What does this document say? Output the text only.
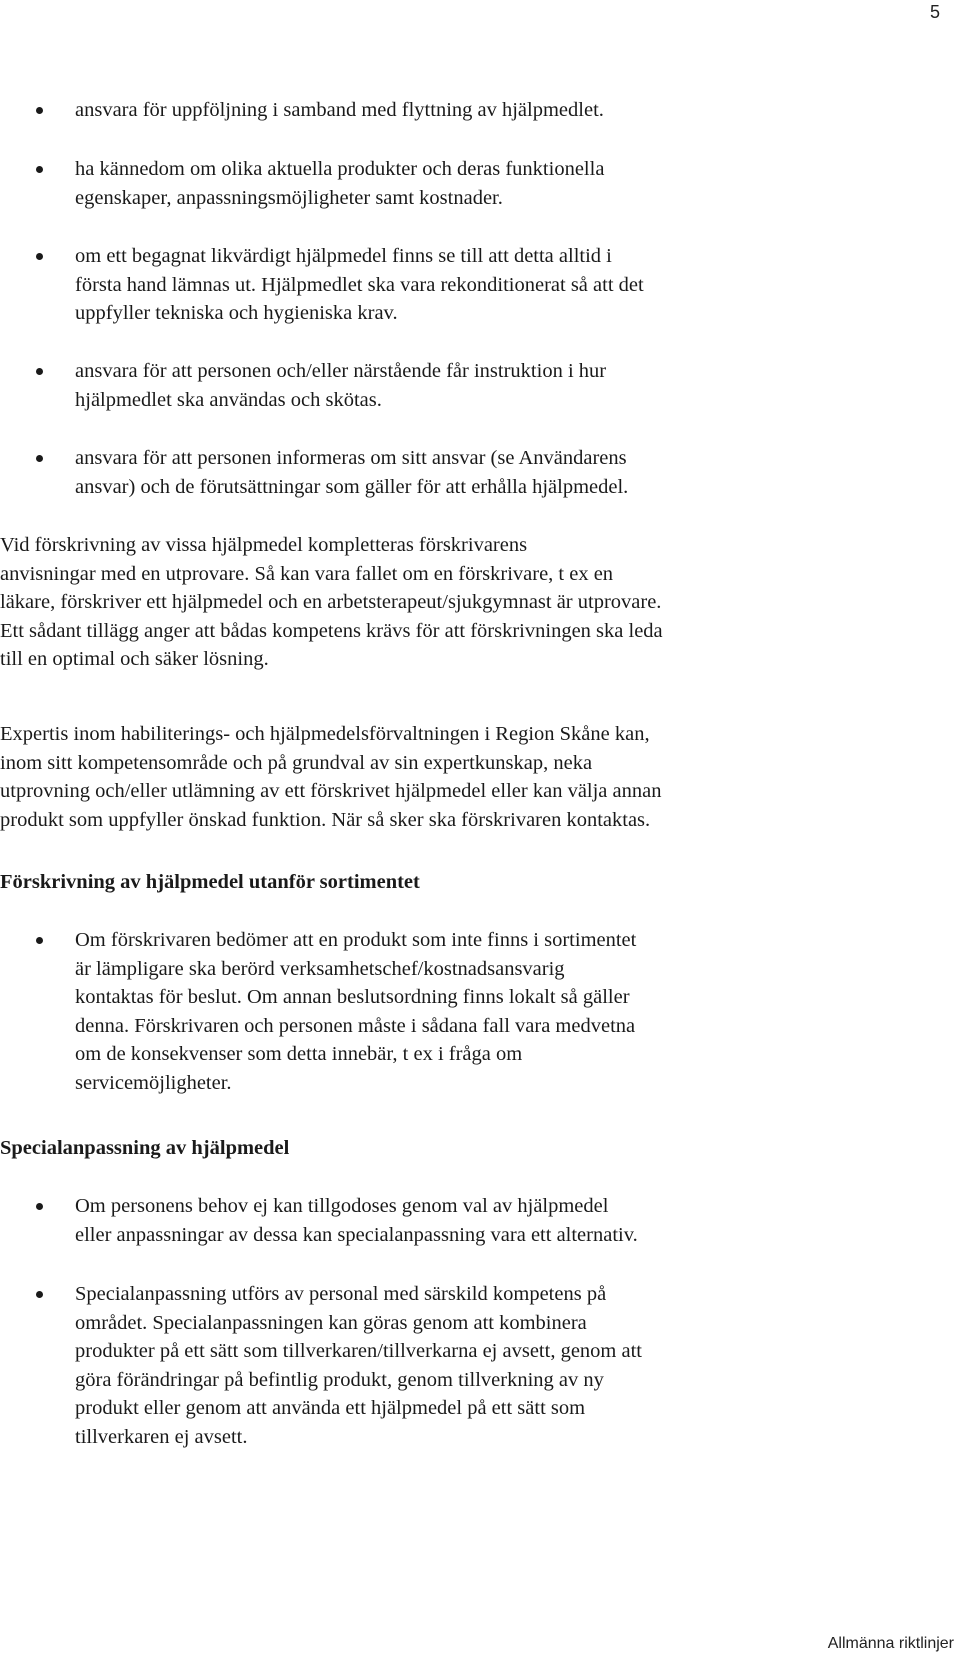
5
ansvara för uppföljning i samband med flyttning av hjälpmedlet.
ha kännedom om olika aktuella produkter och deras funktionella
egenskaper, anpassningsmöjligheter samt kostnader.
om ett begagnat likvärdigt hjälpmedel finns se till att detta alltid i
första hand lämnas ut. Hjälpmedlet ska vara rekonditionerat så att det
uppfyller tekniska och hygieniska krav.
ansvara för att personen och/eller närstående får instruktion i hur
hjälpmedlet ska användas och skötas.
ansvara för att personen informeras om sitt ansvar (se Användarens
ansvar) och de förutsättningar som gäller för att erhålla hjälpmedel.
Vid förskrivning av vissa hjälpmedel kompletteras förskrivarens
anvisningar med en utprovare. Så kan vara fallet om en förskrivare, t ex en
läkare, förskriver ett hjälpmedel och en arbetsterapeut/sjukgymnast är utprovare.
Ett sådant tillägg anger att bådas kompetens krävs för att förskrivningen ska leda
till en optimal och säker lösning.
Expertis inom habiliterings- och hjälpmedelsförvaltningen i Region Skåne kan,
inom sitt kompetensområde och på grundval av sin expertkunskap, neka
utprovning och/eller utlämning av ett förskrivet hjälpmedel eller kan välja annan
produkt som uppfyller önskad funktion. När så sker ska förskrivaren kontaktas.
Förskrivning av hjälpmedel utanför sortimentet
Om förskrivaren bedömer att en produkt som inte finns i sortimentet
är lämpligare ska berörd verksamhetschef/kostnadsansvarig
kontaktas för beslut. Om annan beslutsordning finns lokalt så gäller
denna. Förskrivaren och personen måste i sådana fall vara medvetna
om de konsekvenser som detta innebär, t ex i fråga om
servicemöjligheter.
Specialanpassning av hjälpmedel
Om personens behov ej kan tillgodoses genom val av hjälpmedel
eller anpassningar av dessa kan specialanpassning vara ett alternativ.
Specialanpassning utförs av personal med särskild kompetens på
området. Specialanpassningen kan göras genom att kombinera
produkter på ett sätt som tillverkaren/tillverkarna ej avsett, genom att
göra förändringar på befintlig produkt, genom tillverkning av ny
produkt eller genom att använda ett hjälpmedel på ett sätt som
tillverkaren ej avsett.
Allmänna riktlinjer
